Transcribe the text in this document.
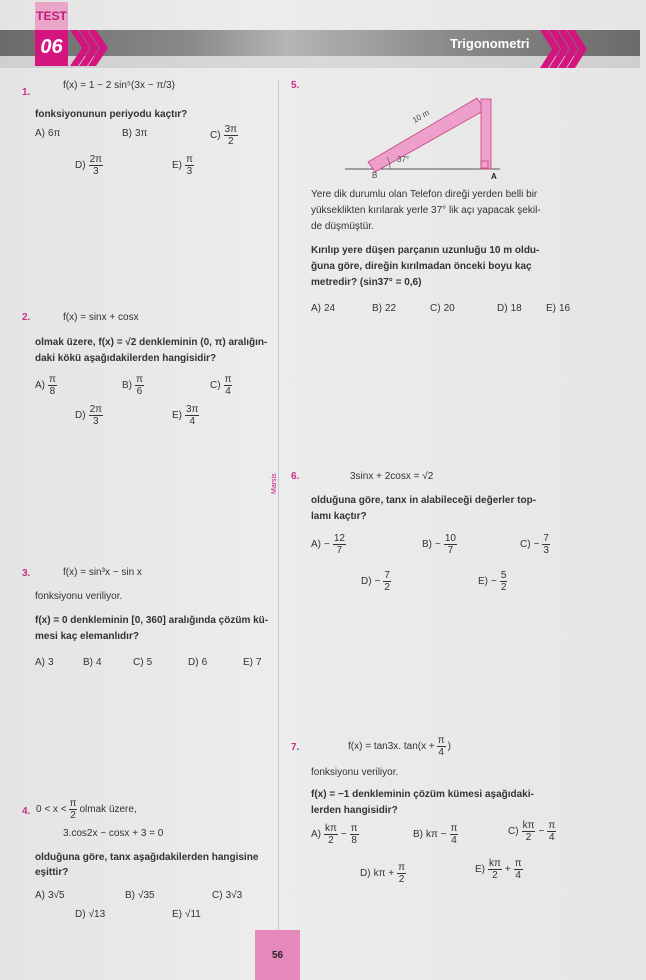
TEST
06	Trigonometri
Marsis
1.
f(x) = 1 − 2 sin⁵(3x − π/3)
fonksiyonunun periyodu kaçtır?
A) 6π	B) 3π	$C) \frac{3\pi}{2}$
$D) \frac{2\pi}{3}$	$E) \frac{\pi}{3}$
2.	f(x) = sinx + cosx
olmak üzere, f(x) = √2 denkleminin (0, π) aralığın-
daki kökü aşağıdakilerden hangisidir?
$A) \frac{\pi}{8}$	$B) \frac{\pi}{6}$	$C) \frac{\pi}{4}$
$D) \frac{2\pi}{3}$	$E) \frac{3\pi}{4}$
3.	f(x) = sin³x − sin x
fonksiyonu veriliyor.
f(x) = 0 denkleminin [0, 360] aralığında çözüm kü-
mesi kaç elemanlıdır?
A) 3	B) 4	C) 5	D) 6	E) 7
4. $0 < x < \frac{\pi}{2}$ olmak üzere,
3.cos2x − cosx + 3 = 0
olduğuna göre, tanx aşağıdakilerden hangisine
eşittir?
A) 3√5	B) √35	C) 3√3
D) √13	E) √11
5.
10 m
37°
B	A
Yere dik durumlu olan Telefon direği yerden belli bir
yükseklikten kırılarak yerle 37° lik açı yapacak şekil-
de düşmüştür.
Kırılıp yere düşen parçanın uzunluğu 10 m oldu-
ğuna göre, direğin kırılmadan önceki boyu kaç
metredir? (sin37° = 0,6)
A) 24	B) 22	C) 20	D) 18 E) 16
6.	3sinx + 2cosx = √2
olduğuna göre, tanx in alabileceği değerler top-
lamı kaçtır?
$A) - \frac{12}{7}$	$B) - \frac{10}{7}$	$C) - \frac{7}{3}$
$D) - \frac{7}{2}$	$E) - \frac{5}{2}$
7.	f(x) = tan3x. $\tan(x + \frac{\pi}{4}$ )
fonksiyonu veriliyor.
f(x) = −1 denkleminin çözüm kümesi aşağıdaki-
lerden hangisidir?
$A) \frac{k\pi}{2} - \frac{\pi}{8}$	B) $k\pi - \frac{\pi}{4}$	$C) \frac{k\pi}{2} - \frac{\pi}{4}$
D) $k\pi + \frac{\pi}{2}$	$E) \frac{k\pi}{2} + \frac{\pi}{4}$
56
